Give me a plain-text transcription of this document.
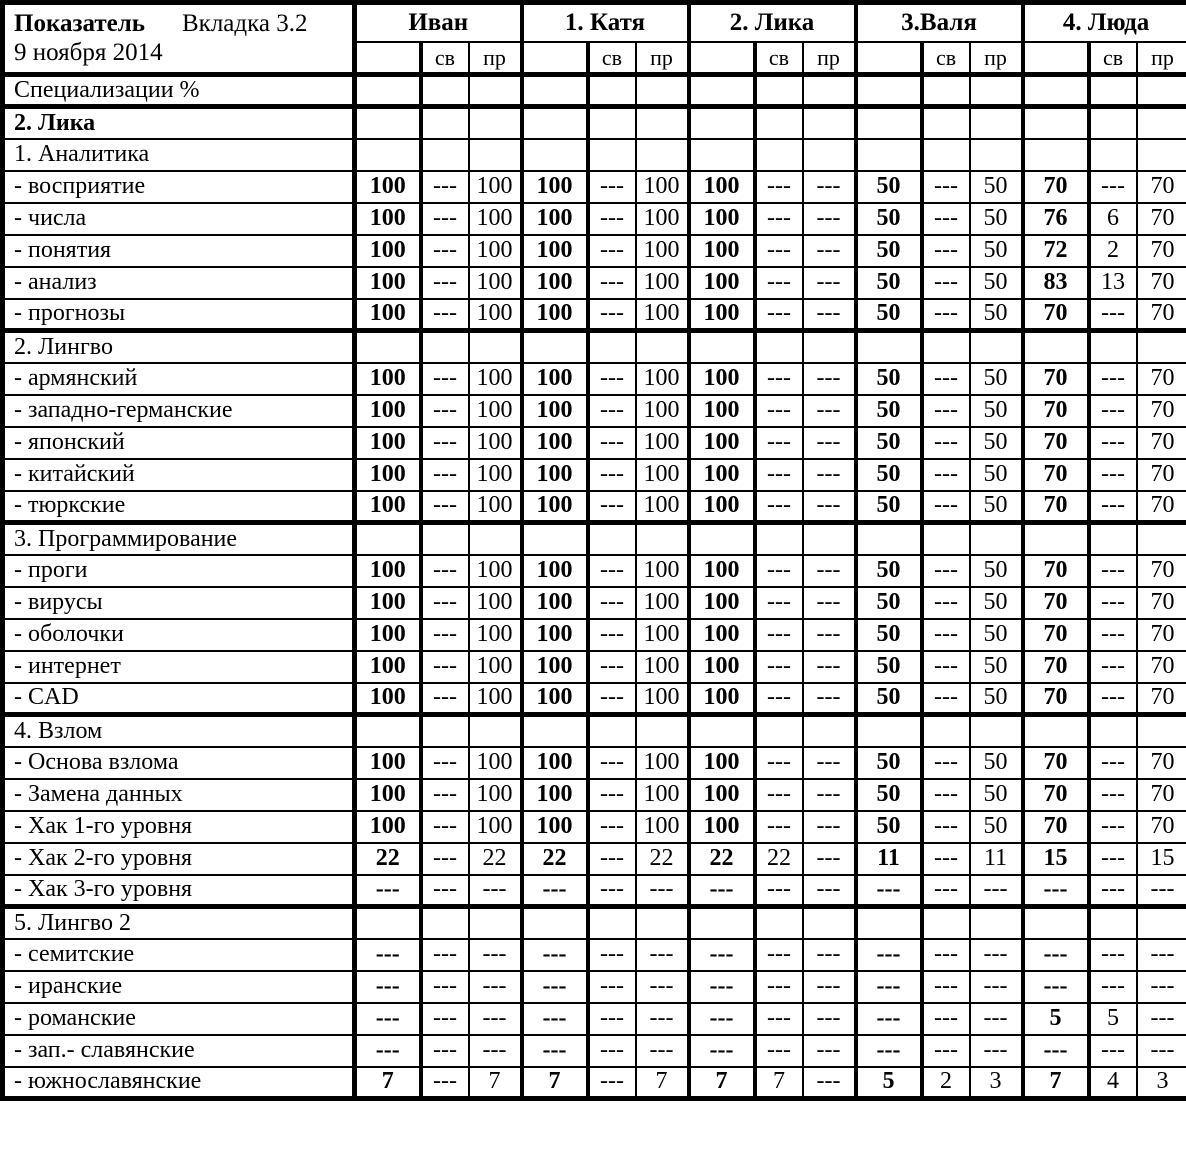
Показатель Вкладка 3.2
9 ноября 2014	Иван			1. Катя			2. Лика			3.Валя			4. Люда		
		св	пр		св	пр		св	пр		св	пр		св	пр
Специализации %															
2. Лика															
1. Аналитика															
- восприятие	100	---	100	100	---	100	100	---	---	50	---	50	70	---	70
- числа	100	---	100	100	---	100	100	---	---	50	---	50	76	6	70
- понятия	100	---	100	100	---	100	100	---	---	50	---	50	72	2	70
- анализ	100	---	100	100	---	100	100	---	---	50	---	50	83	13	70
- прогнозы	100	---	100	100	---	100	100	---	---	50	---	50	70	---	70
2. Лингво															
- армянский	100	---	100	100	---	100	100	---	---	50	---	50	70	---	70
- западно-германские	100	---	100	100	---	100	100	---	---	50	---	50	70	---	70
- японский	100	---	100	100	---	100	100	---	---	50	---	50	70	---	70
- китайский	100	---	100	100	---	100	100	---	---	50	---	50	70	---	70
- тюркские	100	---	100	100	---	100	100	---	---	50	---	50	70	---	70
3. Программирование															
- проги	100	---	100	100	---	100	100	---	---	50	---	50	70	---	70
- вирусы	100	---	100	100	---	100	100	---	---	50	---	50	70	---	70
- оболочки	100	---	100	100	---	100	100	---	---	50	---	50	70	---	70
- интернет	100	---	100	100	---	100	100	---	---	50	---	50	70	---	70
- CAD	100	---	100	100	---	100	100	---	---	50	---	50	70	---	70
4. Взлом															
- Основа взлома	100	---	100	100	---	100	100	---	---	50	---	50	70	---	70
- Замена данных	100	---	100	100	---	100	100	---	---	50	---	50	70	---	70
- Хак 1-го уровня	100	---	100	100	---	100	100	---	---	50	---	50	70	---	70
- Хак 2-го уровня	22	---	22	22	---	22	22	22	---	11	---	11	15	---	15
- Хак 3-го уровня	---	---	---	---	---	---	---	---	---	---	---	---	---	---	---
5. Лингво 2															
- семитские	---	---	---	---	---	---	---	---	---	---	---	---	---	---	---
- иранские	---	---	---	---	---	---	---	---	---	---	---	---	---	---	---
- романские	---	---	---	---	---	---	---	---	---	---	---	---	5	5	---
- зап.- славянские	---	---	---	---	---	---	---	---	---	---	---	---	---	---	---
- южнославянские	7	---	7	7	---	7	7	7	---	5	2	3	7	4	3
